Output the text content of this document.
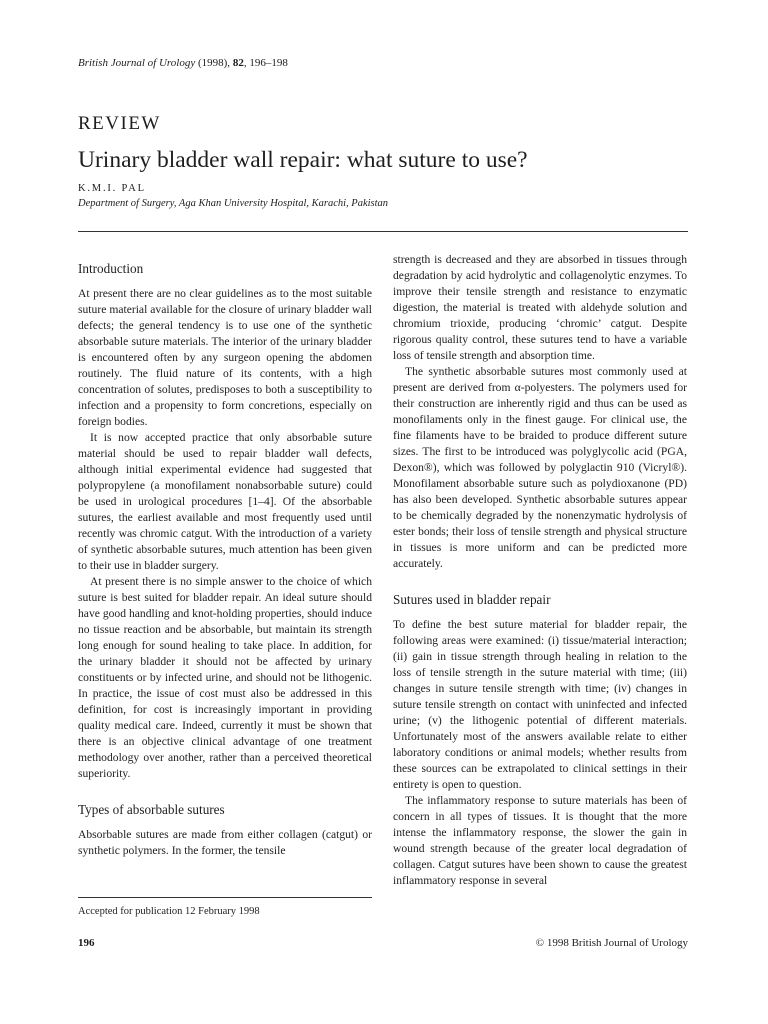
British Journal of Urology (1998), 82, 196–198
REVIEW
Urinary bladder wall repair: what suture to use?
K.M.I. PAL
Department of Surgery, Aga Khan University Hospital, Karachi, Pakistan
Introduction

At present there are no clear guidelines as to the most suitable suture material available for the closure of urinary bladder wall defects; the general tendency is to use one of the synthetic absorbable suture materials. The interior of the urinary bladder is encountered often by any surgeon opening the abdomen routinely. The fluid nature of its contents, with a high concentration of solutes, predisposes to both a susceptibility to infection and a propensity to form concretions, especially on foreign bodies.

It is now accepted practice that only absorbable suture material should be used to repair bladder wall defects, although initial experimental evidence had suggested that polypropylene (a monofilament nonabsorbable suture) could be used in urological procedures [1–4]. Of the absorbable sutures, the earliest available and most frequently used until recently was chromic catgut. With the introduction of a variety of synthetic absorbable sutures, much attention has been given to their use in bladder surgery.

At present there is no simple answer to the choice of which suture is best suited for bladder repair. An ideal suture should have good handling and knot-holding properties, should induce no tissue reaction and be absorbable, but maintain its strength long enough for sound healing to take place. In addition, for the urinary bladder it should not be affected by urinary constituents or by infected urine, and should not be lithogenic. In practice, the issue of cost must also be addressed in this definition, for cost is increasingly important in providing quality medical care. Indeed, currently it must be shown that there is an objective clinical advantage of one treatment methodology over another, rather than a perceived theoretical superiority.

Types of absorbable sutures

Absorbable sutures are made from either collagen (catgut) or synthetic polymers. In the former, the tensile

strength is decreased and they are absorbed in tissues through degradation by acid hydrolytic and collagenolytic enzymes. To improve their tensile strength and resistance to enzymatic digestion, the material is treated with aldehyde solution and chromium trioxide, producing ‘chromic’ catgut. Despite rigorous quality control, these sutures tend to have a variable loss of tensile strength and absorption time.

The synthetic absorbable sutures most commonly used at present are derived from α-polyesters. The polymers used for their construction are inherently rigid and thus can be used as monofilaments only in the finest gauge. For clinical use, the fine filaments have to be braided to produce different suture sizes. The first to be introduced was polyglycolic acid (PGA, Dexon®), which was followed by polyglactin 910 (Vicryl®). Monofilament absorbable suture such as polydioxanone (PD) has also been developed. Synthetic absorbable sutures appear to be chemically degraded by the nonenzymatic hydrolysis of ester bonds; their loss of tensile strength and physical structure in tissues is more uniform and can be predicted more accurately.

Sutures used in bladder repair

To define the best suture material for bladder repair, the following areas were examined: (i) tissue/material interaction; (ii) gain in tissue strength through healing in relation to the loss of tensile strength in the suture material with time; (iii) changes in suture tensile strength with time; (iv) changes in suture tensile strength on contact with uninfected and infected urine; (v) the lithogenic potential of different materials. Unfortunately most of the answers available relate to either laboratory conditions or animal models; whether results from these sources can be extrapolated to clinical settings in their entirety is open to question.

The inflammatory response to suture materials has been of concern in all types of tissues. It is thought that the more intense the inflammatory response, the slower the gain in wound strength because of the greater local degradation of collagen. Catgut sutures have been shown to cause the greatest inflammatory response in several

Accepted for publication 12 February 1998
196	© 1998 British Journal of Urology
